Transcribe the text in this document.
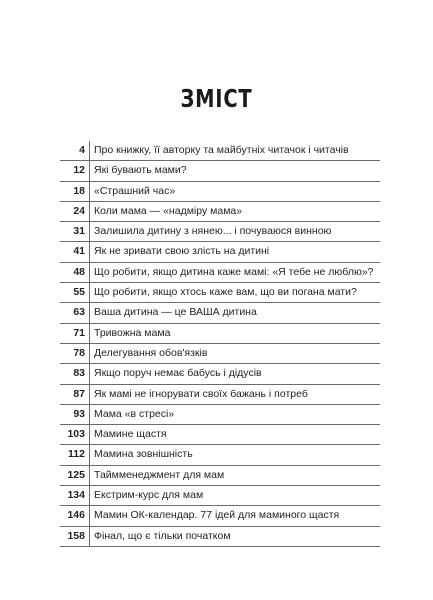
ЗМІСТ
4 Про книжку, її авторку та майбутніх читачок і читачів
12 Які бувають мами?
18 «Страшний час»
24 Коли мама — «надміру мама»
31 Залишила дитину з нянею... і почуваюся винною
41 Як не зривати свою злість на дитині
48 Що робити, якщо дитина каже мамі: «Я тебе не люблю»?
55 Що робити, якщо хтось каже вам, що ви погана мати?
63 Ваша дитина — це ВАША дитина
71 Тривожна мама
78 Делегування обов'язків
83 Якщо поруч немає бабусь і дідусів
87 Як мамі не ігнорувати своїх бажань і потреб
93 Мама «в стресі»
103 Мамине щастя
112 Мамина зовнішність
125 Таймменеджмент для мам
134 Екстрим-курс для мам
146 Мамин ОК-календар. 77 ідей для маминого щастя
158 Фінал, що є тільки початком
